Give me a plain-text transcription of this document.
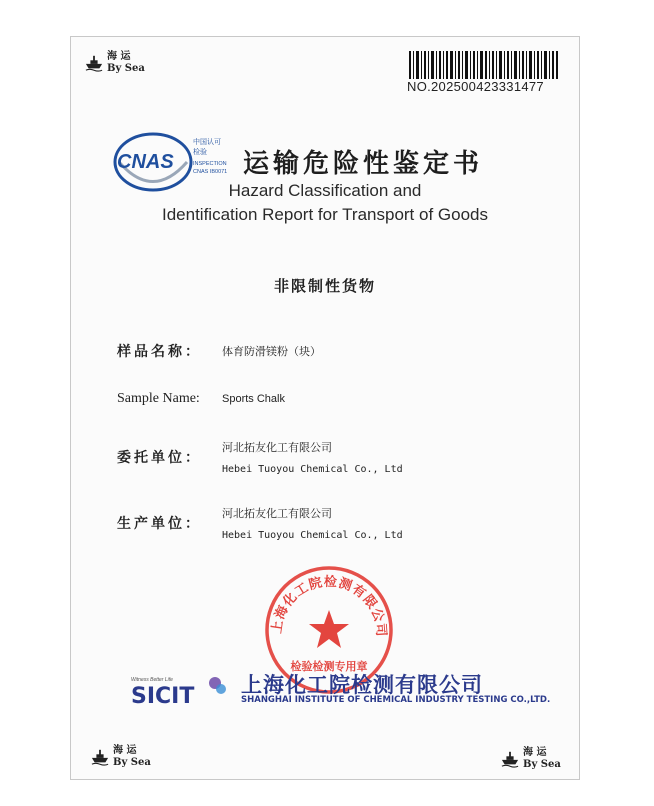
海 运
By Sea
NO.202500423331477
CNAS
中国认可
检验
INSPECTION
CNAS IB0071 运输危险性鉴定书
Hazard Classification and
Identification Report for Transport of Goods
非限制性货物
样品名称： 体育防滑镁粉（块）
Sample Name: Sports Chalk
委托单位：
河北拓友化工有限公司
Hebei Tuoyou Chemical Co., Ltd
生产单位：
河北拓友化工有限公司
Hebei Tuoyou Chemical Co., Ltd
上海化工院检测有限公司
检验检测专用章
Witness Better Life
SICIT 上海化工院检测有限公司
SHANGHAI INSTITUTE OF CHEMICAL INDUSTRY TESTING CO.,LTD.
海 运
By Sea
海 运
By Sea
